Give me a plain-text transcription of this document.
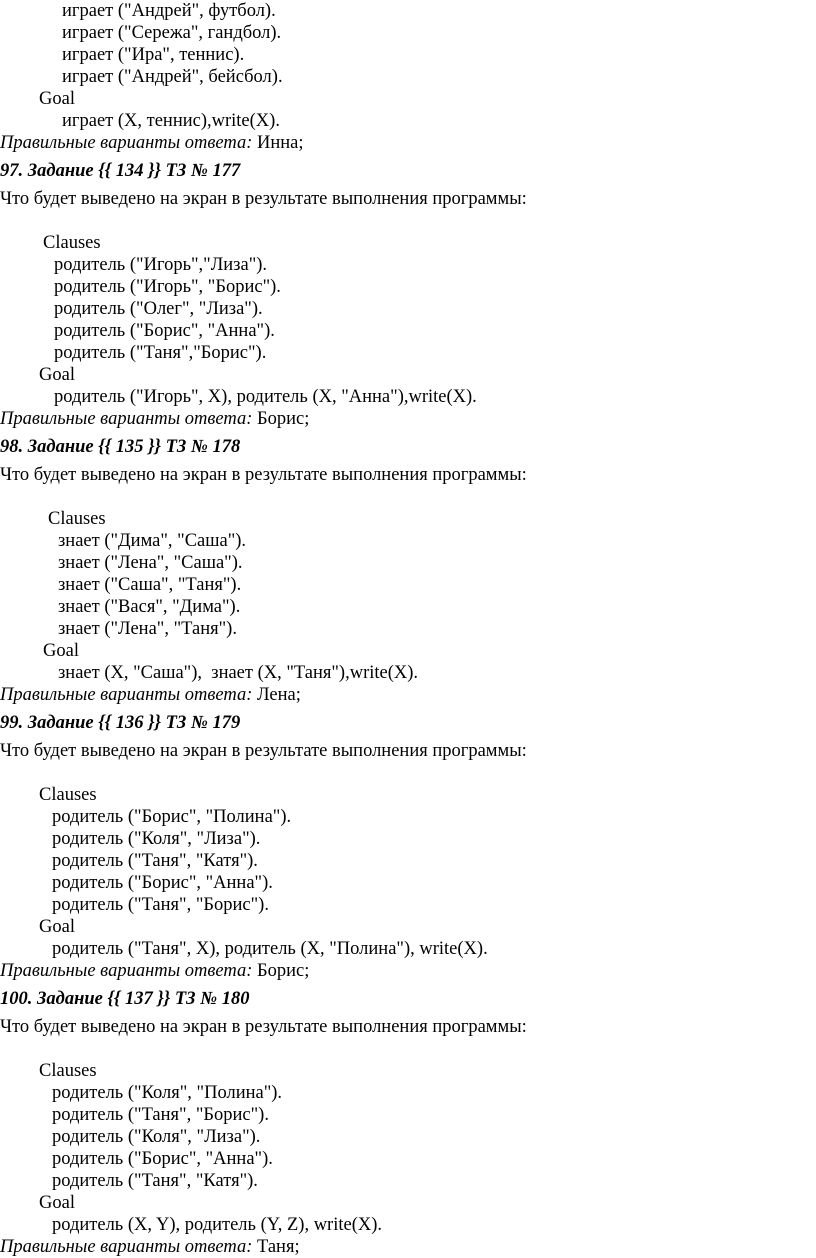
играет ("Андрей", футбол).
играет ("Сережа", гандбол).
играет ("Ира", теннис).
играет ("Андрей", бейсбол).
Goal
играет (X, теннис),write(X).
Правильные варианты ответа: Инна;
97. Задание {{ 134 }} ТЗ № 177
Что будет выведено на экран в результате выполнения программы:
Clauses
родитель ("Игорь","Лиза").
родитель ("Игорь", "Борис").
родитель ("Олег", "Лиза").
родитель ("Борис", "Анна").
родитель ("Таня","Борис").
Goal
родитель ("Игорь", X), родитель (X, "Анна"),write(X).
Правильные варианты ответа: Борис;
98. Задание {{ 135 }} ТЗ № 178
Что будет выведено на экран в результате выполнения программы:
Clauses
знает ("Дима", "Саша").
знает ("Лена", "Саша").
знает ("Саша", "Таня").
знает ("Вася", "Дима").
знает ("Лена", "Таня").
Goal
знает (X, "Саша"),  знает (X, "Таня"),write(X).
Правильные варианты ответа: Лена;
99. Задание {{ 136 }} ТЗ № 179
Что будет выведено на экран в результате выполнения программы:
Clauses
родитель ("Борис", "Полина").
родитель ("Коля", "Лиза").
родитель ("Таня", "Катя").
родитель ("Борис", "Анна").
родитель ("Таня", "Борис").
Goal
родитель ("Таня", X), родитель (X, "Полина"), write(X).
Правильные варианты ответа: Борис;
100. Задание {{ 137 }} ТЗ № 180
Что будет выведено на экран в результате выполнения программы:
Clauses
родитель ("Коля", "Полина").
родитель ("Таня", "Борис").
родитель ("Коля", "Лиза").
родитель ("Борис", "Анна").
родитель ("Таня", "Катя").
Goal
родитель (X, Y), родитель (Y, Z), write(X).
Правильные варианты ответа: Таня;
